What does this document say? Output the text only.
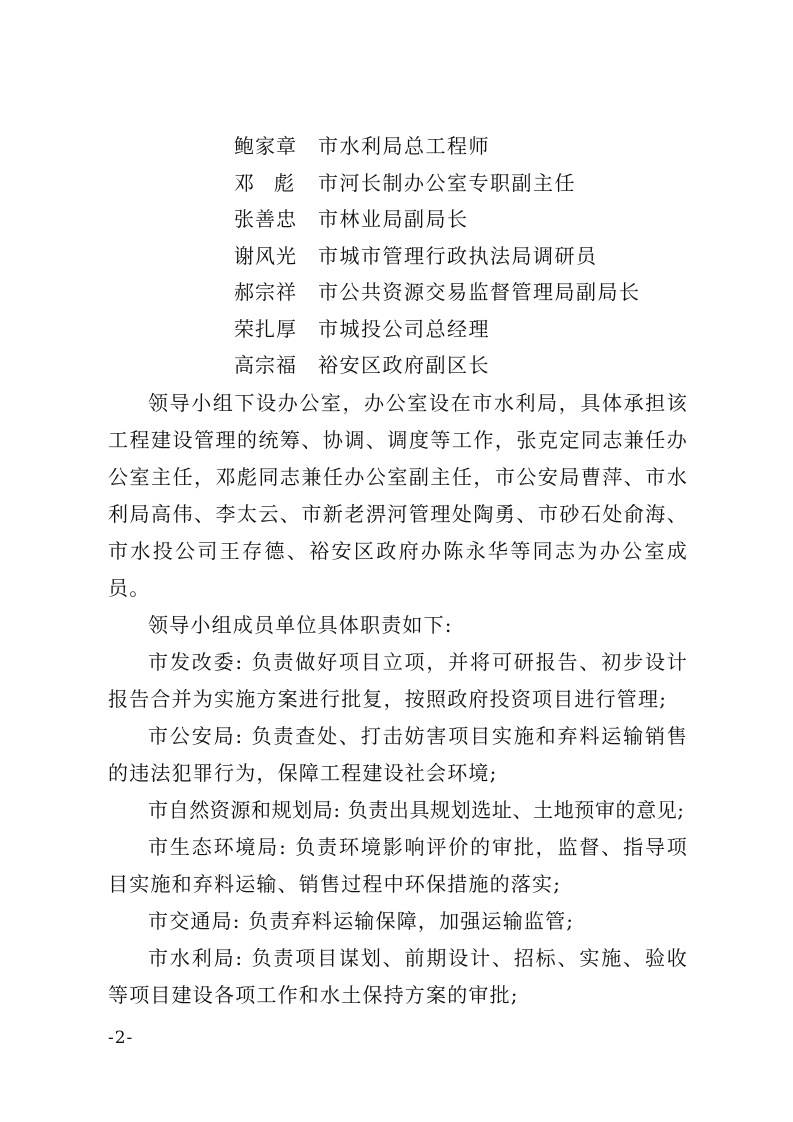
鲍家章 市水利局总工程师
邓　彪 市河长制办公室专职副主任
张善忠 市林业局副局长
谢风光 市城市管理行政执法局调研员
郝宗祥 市公共资源交易监督管理局副局长
荣扎厚 市城投公司总经理
高宗福 裕安区政府副区长

领导小组下设办公室，办公室设在市水利局，具体承担该工程建设管理的统筹、协调、调度等工作，张克定同志兼任办公室主任，邓彪同志兼任办公室副主任，市公安局曹萍、市水利局高伟、李太云、市新老淠河管理处陶勇、市砂石处俞海、市水投公司王存德、裕安区政府办陈永华等同志为办公室成员。

领导小组成员单位具体职责如下:

市发改委: 负责做好项目立项，并将可研报告、初步设计报告合并为实施方案进行批复，按照政府投资项目进行管理;

市公安局: 负责查处、打击妨害项目实施和弃料运输销售的违法犯罪行为，保障工程建设社会环境;

市自然资源和规划局: 负责出具规划选址、土地预审的意见;

市生态环境局: 负责环境影响评价的审批，监督、指导项目实施和弃料运输、销售过程中环保措施的落实;

市交通局: 负责弃料运输保障，加强运输监管;

市水利局: 负责项目谋划、前期设计、招标、实施、验收等项目建设各项工作和水土保持方案的审批;

-2-
